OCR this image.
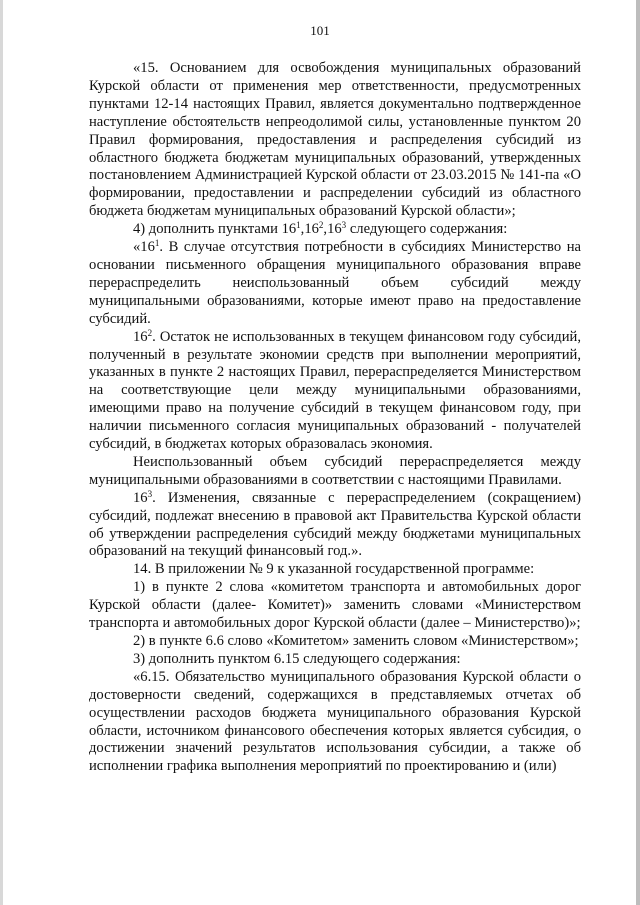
101

«15. Основанием для освобождения муниципальных образований Курской области от применения мер ответственности, предусмотренных пунктами 12-14 настоящих Правил, является документально подтвержденное наступление обстоятельств непреодолимой силы, установленные пунктом 20 Правил формирования, предоставления и распределения субсидий из областного бюджета бюджетам муниципальных образований, утвержденных постановлением Администрацией Курской области от 23.03.2015 № 141-па «О формировании, предоставлении и распределении субсидий из областного бюджета бюджетам муниципальных образований Курской области»;

4) дополнить пунктами $16^1,16^2,16^3$ следующего содержания:

«$16^1$. В случае отсутствия потребности в субсидиях Министерство на основании письменного обращения муниципального образования вправе перераспределить неиспользованный объем субсидий между муниципальными образованиями, которые имеют право на предоставление субсидий.

$16^2$. Остаток не использованных в текущем финансовом году субсидий, полученный в результате экономии средств при выполнении мероприятий, указанных в пункте 2 настоящих Правил, перераспределяется Министерством на соответствующие цели между муниципальными образованиями, имеющими право на получение субсидий в текущем финансовом году, при наличии письменного согласия муниципальных образований - получателей субсидий, в бюджетах которых образовалась экономия.

Неиспользованный объем субсидий перераспределяется между муниципальными образованиями в соответствии с настоящими Правилами.

$16^3$. Изменения, связанные с перераспределением (сокращением) субсидий, подлежат внесению в правовой акт Правительства Курской области об утверждении распределения субсидий между бюджетами муниципальных образований на текущий финансовый год.».

14. В приложении № 9 к указанной государственной программе:

1) в пункте 2 слова «комитетом транспорта и автомобильных дорог Курской области (далее- Комитет)» заменить словами «Министерством транспорта и автомобильных дорог Курской области (далее – Министерство)»;

2) в пункте 6.6 слово «Комитетом» заменить словом «Министерством»;

3) дополнить пунктом 6.15 следующего содержания:

«6.15. Обязательство муниципального образования Курской области о достоверности сведений, содержащихся в представляемых отчетах об осуществлении расходов бюджета муниципального образования Курской области, источником финансового обеспечения которых является субсидия, о достижении значений результатов использования субсидии, а также об исполнении графика выполнения мероприятий по проектированию и (или)
